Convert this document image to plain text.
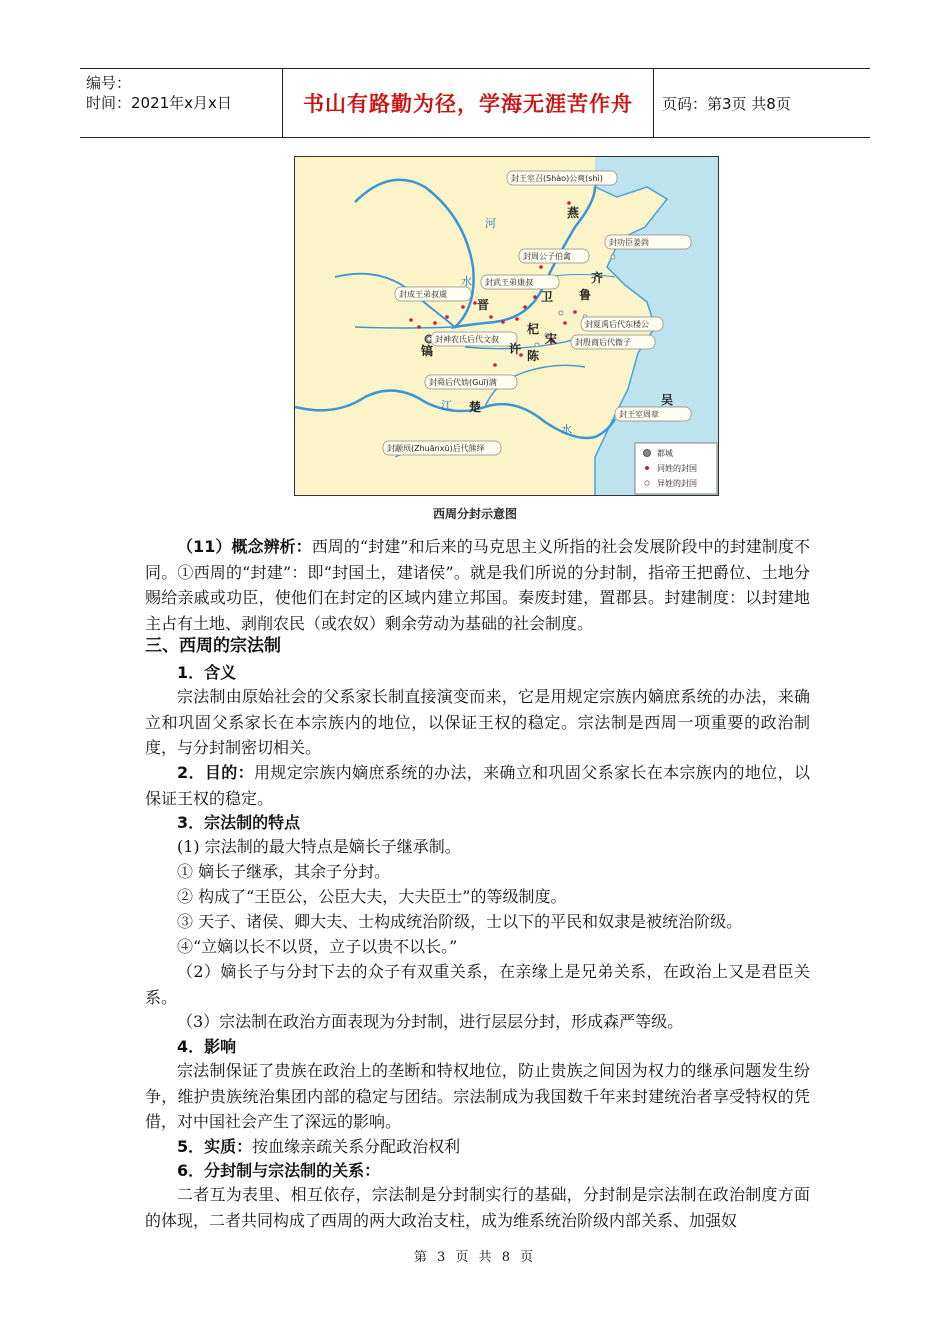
编号：
时间：2021年x月x日	书山有路勤为径，学海无涯苦作舟	页码：第3页 共8页
封王室召(Shào)公爽(shì)
封功臣姜尚
封周公子伯禽
封武王弟康叔
封成王弟叔虞
封夏禹后代东楼公
封神农氏后代文叔	封殷商后代微子
封舜后代妫(Guī)满
封王室周章
封颛顼(Zhuānxū)后代熊绎
燕
齐
卫 鲁
晋
杞
宋
镐	许 陈
楚	吴
河
水
江
水
都城
同姓的封国
异姓的封国
西周分封示意图
（11）概念辨析：西周的“封建”和后来的马克思主义所指的社会发展阶段中的封建制度不同。①西周的“封建”：即“封国土，建诸侯”。就是我们所说的分封制，指帝王把爵位、土地分赐给亲戚或功臣，使他们在封定的区域内建立邦国。秦废封建，置郡县。封建制度：以封建地主占有土地、剥削农民（或农奴）剩余劳动为基础的社会制度。
三、西周的宗法制
1．含义
宗法制由原始社会的父系家长制直接演变而来，它是用规定宗族内嫡庶系统的办法，来确立和巩固父系家长在本宗族内的地位，以保证王权的稳定。宗法制是西周一项重要的政治制度，与分封制密切相关。
2．目的：用规定宗族内嫡庶系统的办法，来确立和巩固父系家长在本宗族内的地位，以保证王权的稳定。
3．宗法制的特点
(1) 宗法制的最大特点是嫡长子继承制。
① 嫡长子继承，其余子分封。
② 构成了“王臣公，公臣大夫，大夫臣士”的等级制度。
③ 天子、诸侯、卿大夫、士构成统治阶级，士以下的平民和奴隶是被统治阶级。
④“立嫡以长不以贤，立子以贵不以长。”
（2）嫡长子与分封下去的众子有双重关系，在亲缘上是兄弟关系，在政治上又是君臣关系。
（3）宗法制在政治方面表现为分封制，进行层层分封，形成森严等级。
4．影响
宗法制保证了贵族在政治上的垄断和特权地位，防止贵族之间因为权力的继承问题发生纷争，维护贵族统治集团内部的稳定与团结。宗法制成为我国数千年来封建统治者享受特权的凭借，对中国社会产生了深远的影响。
5．实质：按血缘亲疏关系分配政治权利
6．分封制与宗法制的关系：
二者互为表里、相互依存，宗法制是分封制实行的基础，分封制是宗法制在政治制度方面的体现，二者共同构成了西周的两大政治支柱，成为维系统治阶级内部关系、加强奴
第 3 页 共 8 页
